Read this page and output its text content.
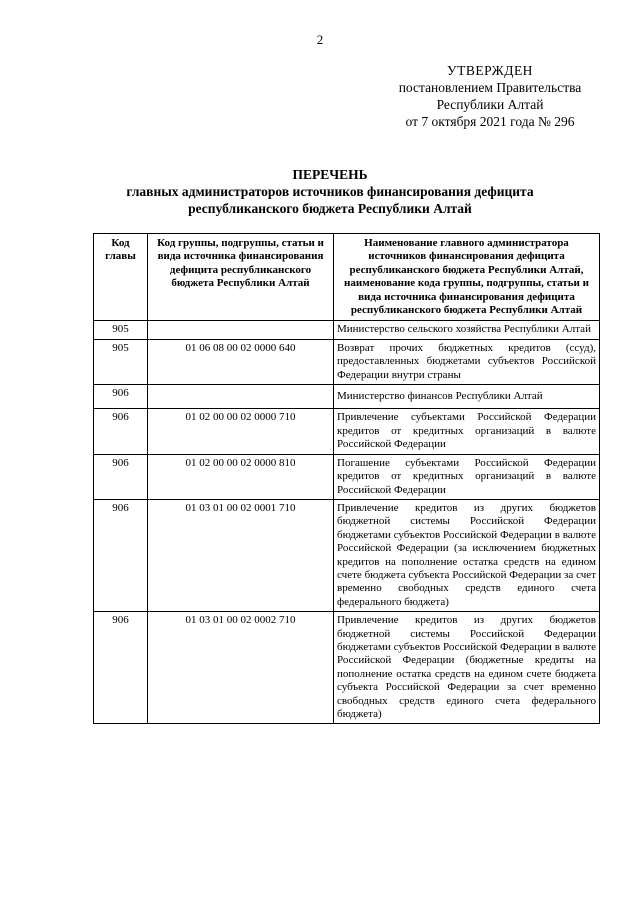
2
УТВЕРЖДЕН
постановлением Правительства
Республики Алтай
от 7 октября 2021 года № 296
ПЕРЕЧЕНЬ
главных администраторов источников финансирования дефицита
республиканского бюджета Республики Алтай
Код главы	Код группы, подгруппы, статьи и вида источника финансирования дефицита республиканского бюджета Республики Алтай	Наименование главного администратора источников финансирования дефицита республиканского бюджета Республики Алтай, наименование кода группы, подгруппы, статьи и вида источника финансирования дефицита республиканского бюджета Республики Алтай
905		Министерство сельского хозяйства Республики Алтай
905	01 06 08 00 02 0000 640	Возврат прочих бюджетных кредитов (ссуд), предоставленных бюджетами субъектов Российской Федерации внутри страны
906		Министерство финансов Республики Алтай
906	01 02 00 00 02 0000 710	Привлечение субъектами Российской Федерации кредитов от кредитных организаций в валюте Российской Федерации
906	01 02 00 00 02 0000 810	Погашение субъектами Российской Федерации кредитов от кредитных организаций в валюте Российской Федерации
906	01 03 01 00 02 0001 710	Привлечение кредитов из других бюджетов бюджетной системы Российской Федерации бюджетами субъектов Российской Федерации в валюте Российской Федерации (за исключением бюджетных кредитов на пополнение остатка средств на едином счете бюджета субъекта Российской Федерации за счет временно свободных средств единого счета федерального бюджета)
906	01 03 01 00 02 0002 710	Привлечение кредитов из других бюджетов бюджетной системы Российской Федерации бюджетами субъектов Российской Федерации в валюте Российской Федерации (бюджетные кредиты на пополнение остатка средств на едином счете бюджета субъекта Российской Федерации за счет временно свободных средств единого счета федерального бюджета)
